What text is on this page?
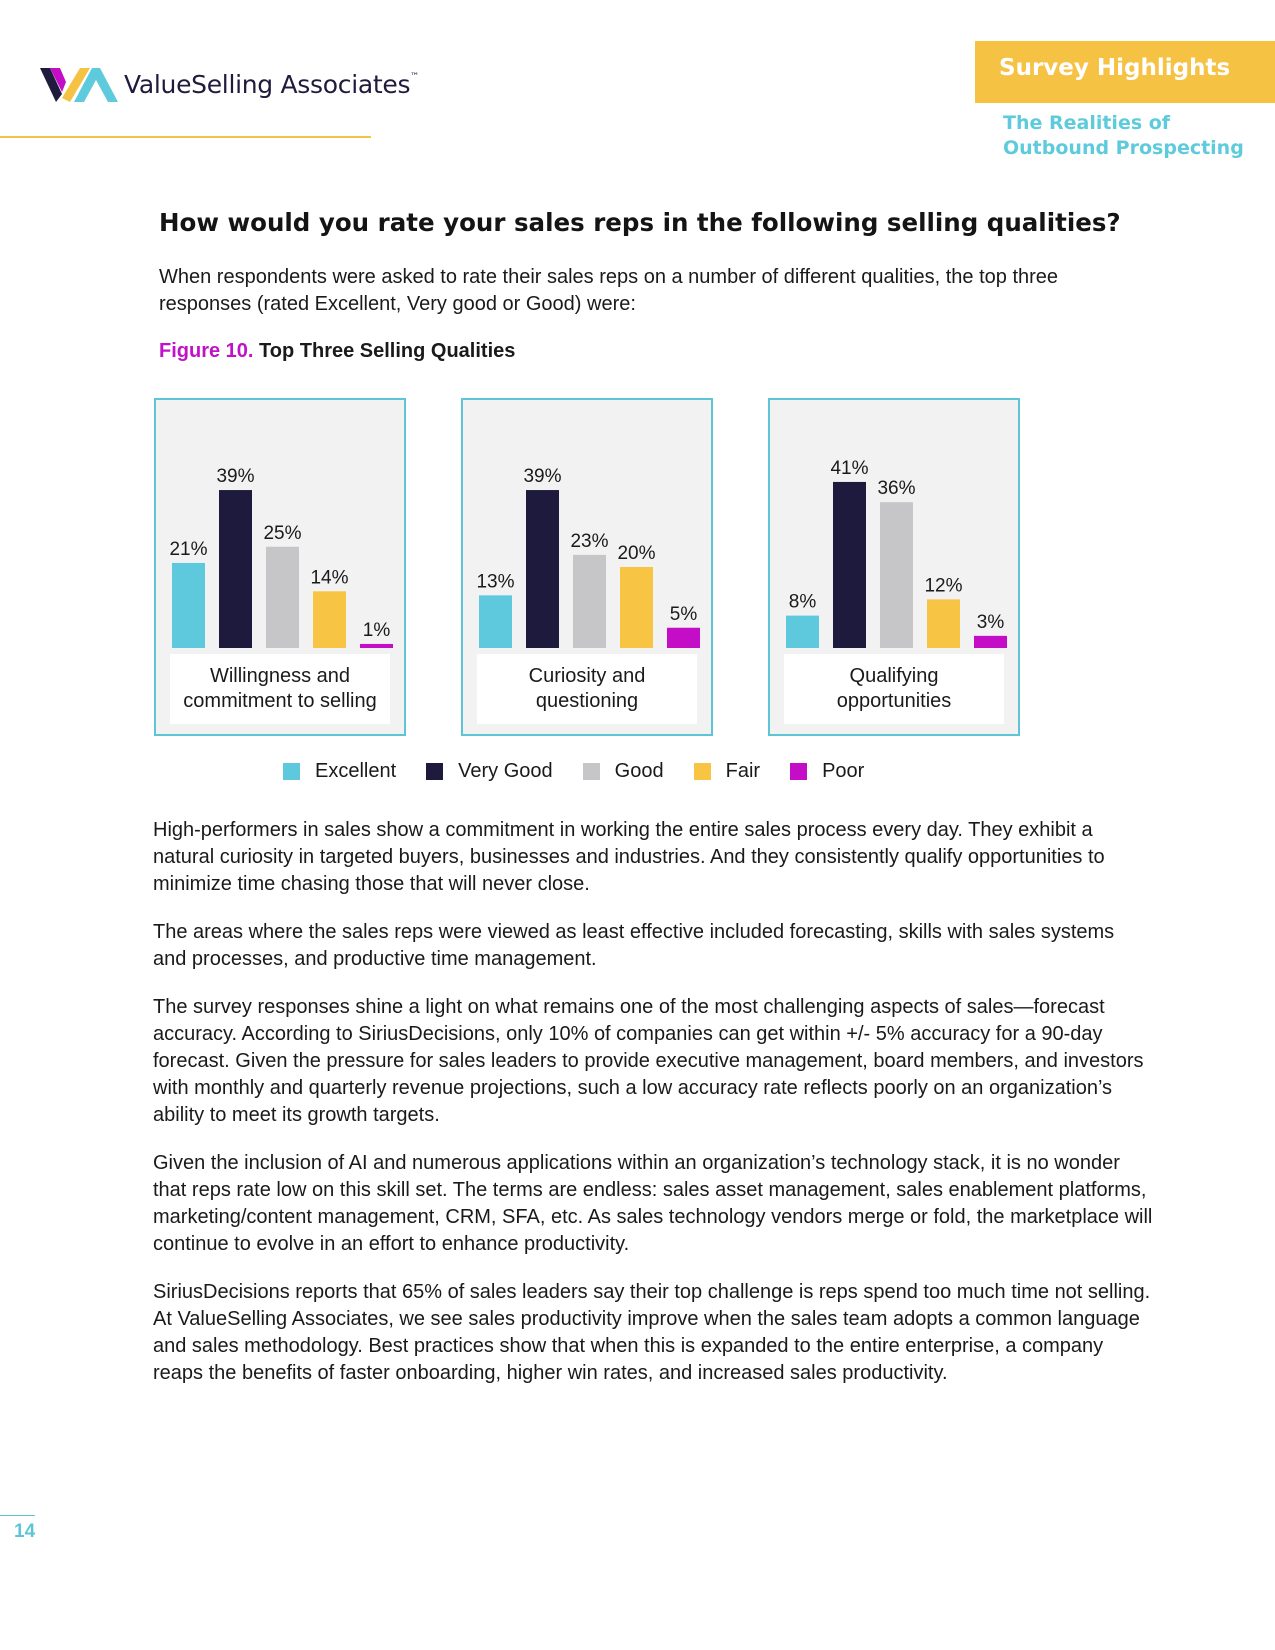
ValueSelling Associates™	Survey Highlights
The Realities of
Outbound Prospecting
How would you rate your sales reps in the following selling qualities?

When respondents were asked to rate their sales reps on a number of different qualities, the top three responses (rated Excellent, Very good or Good) were:

Figure 10. Top Three Selling Qualities
21%
39%
25%
14%
1%
Willingness and
commitment to selling
13%
39%
23%
20%
5%
Curiosity and
questioning
8%
41%
36%
12%
3%
Qualifying
opportunities
Excellent	Very Good	Good	Fair	Poor

High-performers in sales show a commitment in working the entire sales process every day. They exhibit a natural curiosity in targeted buyers, businesses and industries. And they consistently qualify opportunities to minimize time chasing those that will never close.

The areas where the sales reps were viewed as least effective included forecasting, skills with sales systems and processes, and productive time management.

The survey responses shine a light on what remains one of the most challenging aspects of sales—forecast accuracy. According to SiriusDecisions, only 10% of companies can get within +/- 5% accuracy for a 90-day forecast. Given the pressure for sales leaders to provide executive management, board members, and investors with monthly and quarterly revenue projections, such a low accuracy rate reflects poorly on an organization’s ability to meet its growth targets.

Given the inclusion of AI and numerous applications within an organization’s technology stack, it is no wonder that reps rate low on this skill set. The terms are endless: sales asset management, sales enablement platforms, marketing/content management, CRM, SFA, etc. As sales technology vendors merge or fold, the marketplace will continue to evolve in an effort to enhance productivity.

SiriusDecisions reports that 65% of sales leaders say their top challenge is reps spend too much time not selling. At ValueSelling Associates, we see sales productivity improve when the sales team adopts a common language and sales methodology. Best practices show that when this is expanded to the entire enterprise, a company reaps the benefits of faster onboarding, higher win rates, and increased sales productivity.

14
